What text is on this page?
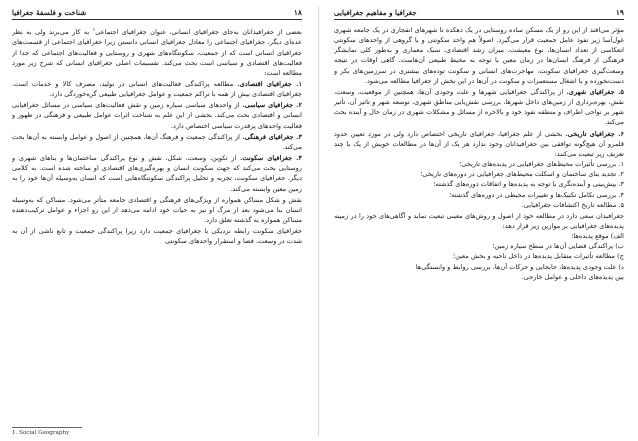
۱۸
شناخت و فلسفهٔ جغرافیا

بعضی از جغرافیدانان به‌جای جغرافیای انسانی، عنوان جغرافیای اجتماعی$^۱$ به کار می‌برند ولی به نظر عده‌ای دیگر، جغرافیای اجتماعی را معادل جغرافیای انسانی دانستن زیرا جغرافیای اجتماعی از قسمت‌های جغرافیای انسانی است که از جمعیت، سکونتگاه‌های شهری و روستایی و فعالیت‌های اجتماعی که جدا از فعالیت‌های اقتصادی و سیاسی است بحث می‌کند. تقسیمات اصلی جغرافیای انسانی که شرح زیر مورد مطالعه است:

۱. جغرافیای اقتصادی. مطالعه پراکندگی فعالیت‌های انسانی در تولید، مصرف کالا و خدمات است. جغرافیای اقتصادی بیش از همه با تراکم جمعیت و عوامل جغرافیایی طبیعی گره‌خوردگی دارد.

۲. جغرافیای سیاسی. از واحدهای سیاسی سیاره زمین و نقش فعالیت‌های سیاسی در مسائل جغرافیایی انسانی و اقتصادی بحث می‌کند. بخشی از این علم به شناخت اثرات عوامل طبیعی و فرهنگی در ظهور و فعالیت واحدهای پرقدرت سیاسی اختصاص دارد.

۳. جغرافیای فرهنگی. از پراکندگی جمعیت و فرهنگ آن‌ها، همچنین از اصول و عوامل وابسته به آن‌ها بحث می‌کند.

۴. جغرافیای سکونت. از تکوین، وسعت، شکل، نقش و نوع پراکندگی ساختمان‌ها و بناهای شهری و روستایی بحث می‌کند که جهت سکونت انسان و بهره‌گیری‌های اقتصادی او ساخته شده است. به کلامی دیگر، جغرافیای سکونت، تجزیه و تحلیل پراکندگی سکونتگاه‌هایی است که انسان به‌وسیله آن‌ها خود را به زمین معین وابسته می‌کند.

نقش و شکل مساکن همواره از ویژگی‌های فرهنگی و اقتصادی جامعه متأثر می‌شود. مساکن که به‌وسیله انسان بنا می‌شود بعد از مرگ او نیز به حیات خود ادامه می‌دهد از این رو اجزاء و عوامل ترکیب‌دهنده مساکن همواره به گذشته تعلق دارد.

جغرافیای سکونت رابطه نزدیکی با جغرافیای جمعیت دارد زیرا پراکندگی جمعیت و تابع ناشی از آن به شدت در وسعت، فضا و استقرار واحدهای سکونتی

1. Social Geography
۱۹
جغرافیا و مفاهیم جغرافیایی

مؤثر می‌افتد از این رو از یک مسکن ساده روستایی در یک دهکده تا شهرهای انفجاری در یک جامعه شهری غول‌آسا زیر نفوذ عامل جمعیت قرار می‌گیرد. اصولاً هم واحد سکونتی و یا گروهی از واحدهای سکونتی انعکاسی از تعداد انسان‌ها، نوع معیشت، میزان رشد اقتصادی، سبک معماری و به‌طور کلی نمایشگر فرهنگی از فرهنگ انسان‌ها در زمان معین با توجه به محیط طبیعی آن‌هاست. گاهی اوقات در نتیجه وسعت‌گیری جغرافیای سکونت، مهاجرت‌های انسانی و سکونت توده‌های بیشتری در سرزمین‌های بکر و دست‌نخورده و یا اشغال مستعمرات و سکونت در آن‌ها در این بخش از جغرافیا مطالعه می‌شود.

۵. جغرافیای شهری. از پراکندگی جغرافیایی شهرها و علت وجودی آن‌ها، همچنین از موقعیت، وسعت، نقش، بهره‌برداری از زمین‌های داخل شهرها، بررسی نقش‌یابی مناطق شهری، توسعه شهر و تاثیر آن، تأثیر شهر بر نواحی اطراف و منطقه نفوذ خود و بالاخره از مسائل و مشکلات شهری در زمان حال و آینده بحث می‌کند.

۶. جغرافیای تاریخی. بخشی از علم جغرافیا، جغرافیای تاریخی اختصاص دارد ولی در مورد تعیین حدود قلمرو آن هیچ‌گونه توافقی بین جغرافیدانان وجود ندارد هر یک از آن‌ها در مطالعات خویش از یک یا چند تعریف زیر تبعیت می‌کنند:

۱. بررسی تأثیرات محیط‌های جغرافیایی در پدیده‌های تاریخی؛
۲. تجدید بنای ساختمان و اسکلت محیط‌های جغرافیایی در دوره‌های تاریخی؛
۳. پیش‌بینی و آینده‌نگری با توجه به پدیده‌ها و اتفاقات دوره‌های گذشته؛
۴. بررسی تکامل تکنیک‌ها و تغییرات محیطی در دوره‌های گذشته؛
۵. مطالعه تاریخ اکتشافات جغرافیایی.

جغرافیدان سعی دارد در مطالعه خود از اصول و روش‌های معینی تبعیت نماید و آگاهی‌های خود را در زمینه پدیده‌های جغرافیایی بر موازین زیر قرار دهد:

الف) موقع پدیده‌ها؛
ب) پراکندگی فضایی آن‌ها در سطح سیاره زمین؛
ج) مطالعه تأثیرات متقابل پدیده‌ها در داخل ناحیه و بخش معین؛
د) علت وجودی پدیده‌ها، جابجایی و حرکات آن‌ها، بررسی روابط و وابستگی‌ها
بین پدیده‌های داخلی و عوامل خارجی.
